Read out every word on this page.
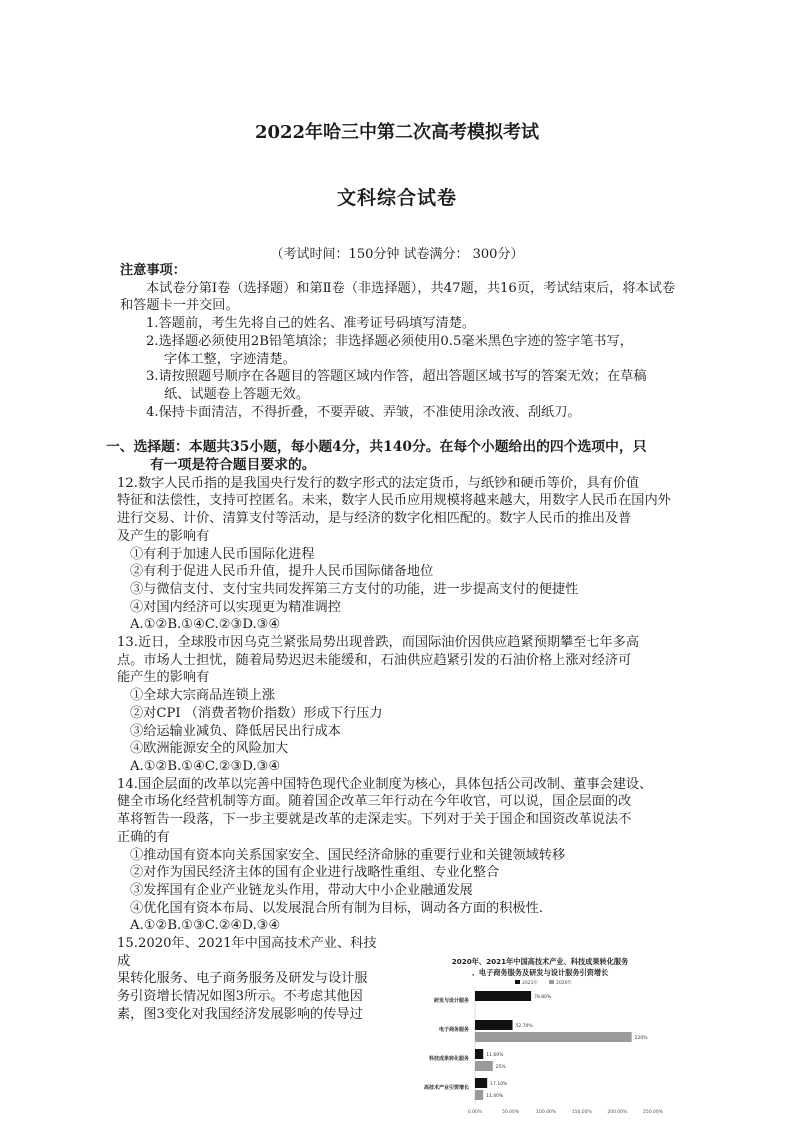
2022年哈三中第二次高考模拟考试
文科综合试卷
（考试时间：150分钟 试卷满分： 300分）
注意事项：
本试卷分第Ⅰ卷（选择题）和第Ⅱ卷（非选择题），共47题，共16页，考试结束后，将本试卷和答题卡一并交回。
1.答题前，考生先将自己的姓名、准考证号码填写清楚。
2.选择题必须使用2B铅笔填涂；非选择题必须使用0.5毫米黑色字迹的签字笔书写，
字体工整，字迹清楚。
3.请按照题号顺序在各题目的答题区域内作答，超出答题区域书写的答案无效；在草稿
纸、试题卷上答题无效。
4.保持卡面清洁，不得折叠，不要弄破、弄皱，不准使用涂改液、刮纸刀。
一、选择题：本题共35小题，每小题4分，共140分。在每个小题给出的四个选项中，只
有一项是符合题目要求的。
12.数字人民币指的是我国央行发行的数字形式的法定货币，与纸钞和硬币等价，具有价值
特征和法偿性，支持可控匿名。未来，数字人民币应用规模将越来越大，用数字人民币在国内外
进行交易、计价、清算支付等活动，是与经济的数字化相匹配的。数字人民币的推出及普
及产生的影响有
①有利于加速人民币国际化进程
②有利于促进人民币升值，提升人民币国际储备地位
③与微信支付、支付宝共同发挥第三方支付的功能，进一步提高支付的便捷性
④对国内经济可以实现更为精准调控
A.①②B.①④C.②③D.③④
13.近日，全球股市因乌克兰紧张局势出现普跌，而国际油价因供应趋紧预期攀至七年多高
点。市场人士担忧，随着局势迟迟未能缓和，石油供应趋紧引发的石油价格上涨对经济可
能产生的影响有
①全球大宗商品连锁上涨
②对CPI （消费者物价指数）形成下行压力
③给运输业减负、降低居民出行成本
④欧洲能源安全的风险加大
A.①②B.①④C.②③D.③④
14.国企层面的改革以完善中国特色现代企业制度为核心，具体包括公司改制、董事会建设、
健全市场化经营机制等方面。随着国企改革三年行动在今年收官，可以说，国企层面的改
革将暂告一段落，下一步主要就是改革的走深走实。下列对于关于国企和国资改革说法不
正确的有
①推动国有资本向关系国家安全、国民经济命脉的重要行业和关键领域转移
②对作为国民经济主体的国有企业进行战略性重组、专业化整合
③发挥国有企业产业链龙头作用，带动大中小企业融通发展
④优化国有资本布局、以发展混合所有制为目标，调动各方面的积极性.
A.①②B.①③C.②④D.③④
15.2020年、2021年中国高技术产业、科技成
果转化服务、电子商务服务及研发与设计服
务引资增长情况如图3所示。不考虑其他因
素，图3变化对我国经济发展影响的传导过
2020年、2021年中国高技术产业、科技成果转化服务
、电子商务服务及研发与设计服务引资增长
2021年	2020年
研发与设计服务
78.80%
电子商务服务
52.70%
220%
科技成果转化服务
11.60%
25%
高技术产业引资增长
17.10%
11.40%
0.00%	50.00%	100.00%	150.00%	200.00%	250.00%
